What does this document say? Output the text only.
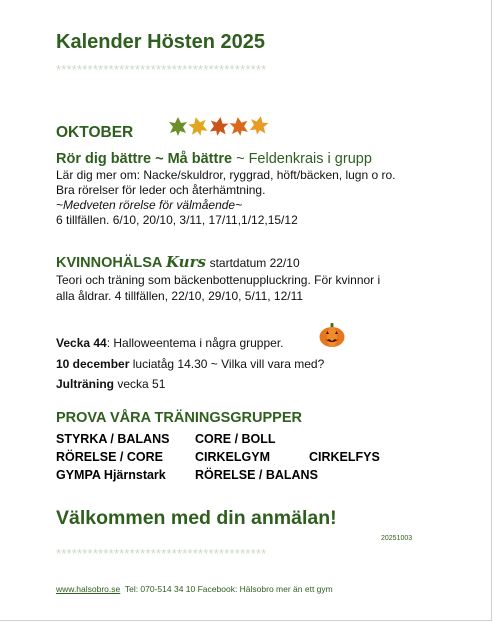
Kalender Hösten 2025
****************************************
OKTOBER
Rör dig bättre ~ Må bättre ~ Feldenkrais i grupp
Lär dig mer om: Nacke/skuldror, ryggrad, höft/bäcken, lugn o ro.
Bra rörelser för leder och återhämtning.
~Medveten rörelse för välmående~
6 tillfällen. 6/10, 20/10, 3/11, 17/11,1/12,15/12
KVINNOHÄLSA Kurs startdatum 22/10
Teori och träning som bäckenbottenuppluckring. För kvinnor i
alla åldrar. 4 tillfällen, 22/10, 29/10, 5/11, 12/11
Vecka 44: Halloweentema i några grupper.
10 december luciatåg 14.30 ~ Vilka vill vara med?
Julträning vecka 51
PROVA VÅRA TRÄNINGSGRUPPER
STYRKA / BALANS CORE / BOLL
RÖRELSE / CORE	CIRKELGYM	CIRKELFYS
GYMPA Hjärnstark RÖRELSE / BALANS
Välkommen med din anmälan!
20251003
****************************************
www.halsobro.se  Tel: 070-514 34 10 Facebook: Hälsobro mer än ett gym
